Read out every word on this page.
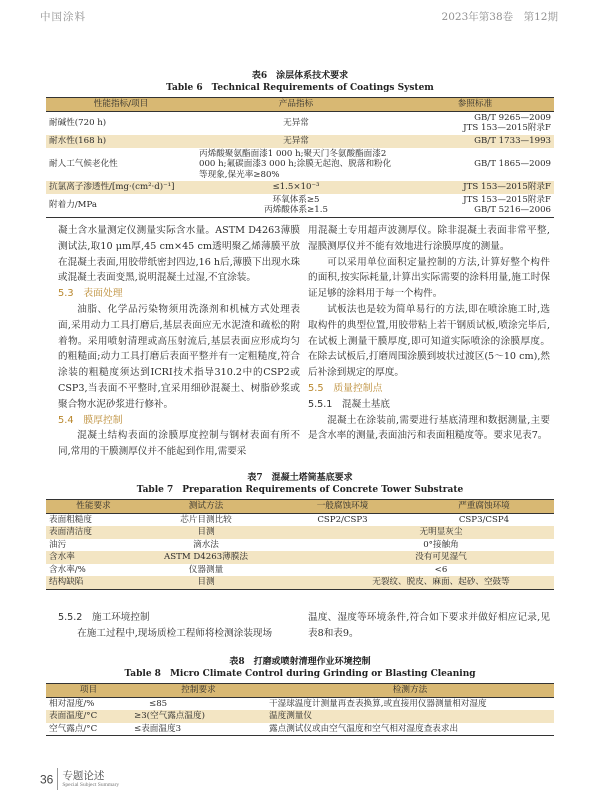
中国涂料	2023年第38卷　第12期
表6　涂层体系技术要求
Table 6　Technical Requirements of Coatings System
性能指标/项目	产品指标	参照标准
耐碱性(720 h)	无异常	GB/T 9265—2009
JTS 153—2015附录F
耐水性(168 h)	无异常	GB/T 1733—1993
耐人工气候老化性	丙烯酸聚氨酯面漆1 000 h;聚天门冬氨酸酯面漆2 000 h;氟碳面漆3 000 h;涂膜无起泡、脱落和粉化等现象,保光率≥80%	GB/T 1865—2009
抗氯离子渗透性/[mg·(cm²·d)⁻¹]	≤1.5×10⁻³	JTS 153—2015附录F
附着力/MPa	环氧体系≥5
丙烯酸体系≥1.5	JTS 153—2015附录F
GB/T 5216—2006

凝土含水量测定仪测量实际含水量。ASTM D4263薄膜测试法,取10 μm厚,45 cm×45 cm透明聚乙烯薄膜平放在混凝土表面,用胶带纸密封四边,16 h后,薄膜下出现水珠或混凝土表面变黑,说明混凝土过湿,不宜涂装。

5.3　表面处理

油脂、化学品污染物须用洗涤剂和机械方式处理表面,采用动力工具打磨后,基层表面应无水泥渣和疏松的附着物。采用喷射清理或高压射流后,基层表面应形成均匀的粗糙面;动力工具打磨后表面平整并有一定粗糙度,符合涂装的粗糙度须达到ICRI技术指导310.2中的CSP2或CSP3,当表面不平整时,宜采用细砂混凝土、树脂砂浆或聚合物水泥砂浆进行修补。

5.4　膜厚控制

混凝土结构表面的涂膜厚度控制与钢材表面有所不同,常用的干膜测厚仪并不能起到作用,需要采

用混凝土专用超声波测厚仪。除非混凝土表面非常平整,湿膜测厚仪并不能有效地进行涂膜厚度的测量。

可以采用单位面积定量控制的方法,计算好整个构件的面积,按实际耗量,计算出实际需要的涂料用量,施工时保证足够的涂料用于每一个构件。

试板法也是较为简单易行的方法,即在喷涂施工时,选取构件的典型位置,用胶带粘上若干钢质试板,喷涂完毕后,在试板上测量干膜厚度,即可知道实际喷涂的涂膜厚度。在除去试板后,打磨周围涂膜到坡状过渡区(5～10 cm),然后补涂到规定的厚度。

5.5　质量控制点

5.5.1　混凝土基底

混凝土在涂装前,需要进行基底清理和数据测量,主要是含水率的测量,表面油污和表面粗糙度等。要求见表7。

表7　混凝土塔筒基底要求
Table 7　Preparation Requirements of Concrete Tower Substrate
性能要求	测试方法	一般腐蚀环境	严重腐蚀环境
表面粗糙度	芯片目测比较	CSP2/CSP3	CSP3/CSP4
表面清洁度	目测	无明显灰尘	
油污	滴水法	0°接触角	
含水率	ASTM D4263薄膜法	没有可见湿气	
含水率/%	仪器测量	<6	
结构缺陷	目测	无裂纹、脱皮、麻面、起砂、空鼓等	

5.5.2　施工环境控制

在施工过程中,现场质检工程师将检测涂装现场

温度、湿度等环境条件,符合如下要求并做好相应记录,见表8和表9。

表8　打磨或喷射清理作业环境控制
Table 8　Micro Climate Control during Grinding or Blasting Cleaning
项目	控制要求	检测方法
相对湿度/%	≤85	干湿球温度计测量再查表换算,或直接用仪器测量相对湿度
表面温度/°C	≥3(空气露点温度)	温度测量仪
空气露点/°C	≤表面温度3	露点测试仪或由空气温度和空气相对湿度查表求出
36 专题论述
Special Subject Summary
